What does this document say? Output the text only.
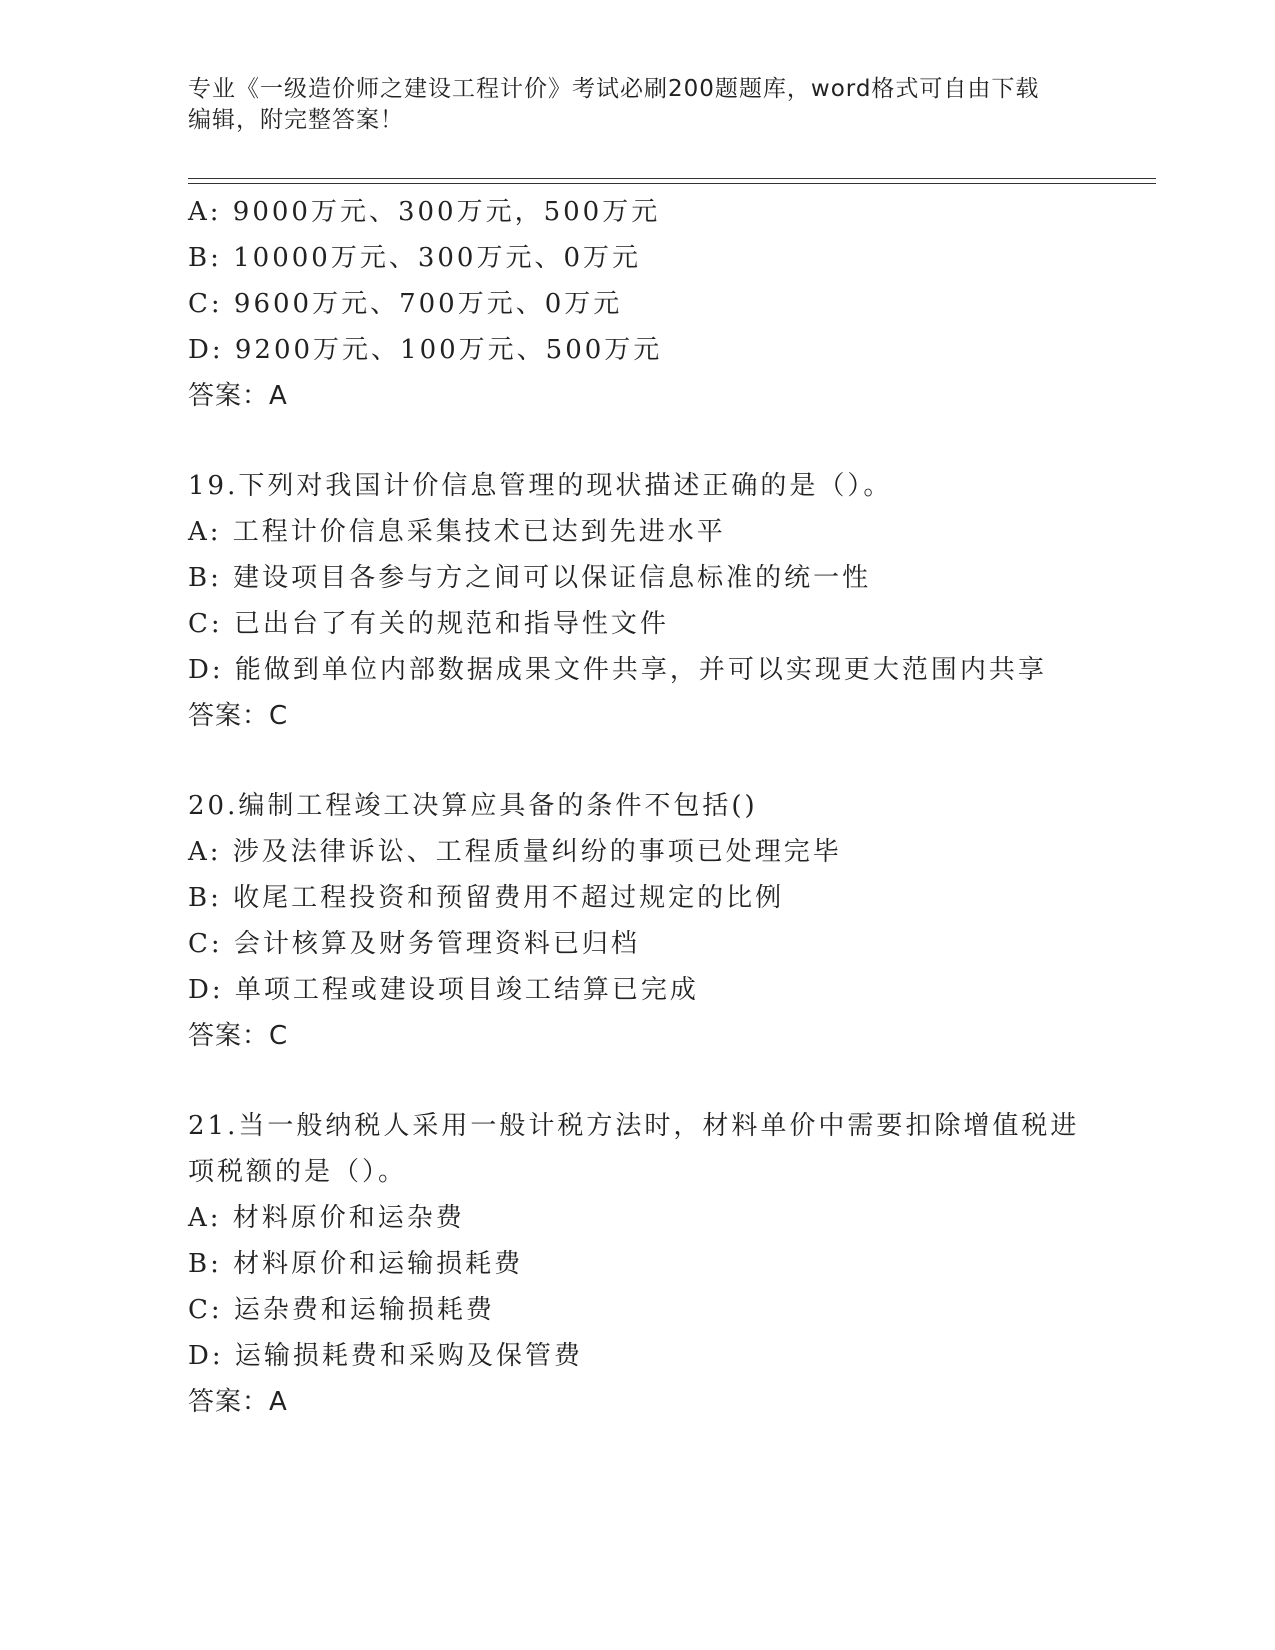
专业《一级造价师之建设工程计价》考试必刷200题题库，word格式可自由下载
编辑，附完整答案！
A: 9000万元、300万元，500万元
B: 10000万元、300万元、0万元
C: 9600万元、700万元、0万元
D: 9200万元、100万元、500万元
答案：A
19.下列对我国计价信息管理的现状描述正确的是（）。
A: 工程计价信息采集技术已达到先进水平
B: 建设项目各参与方之间可以保证信息标准的统一性
C: 已出台了有关的规范和指导性文件
D: 能做到单位内部数据成果文件共享，并可以实现更大范围内共享
答案：C
20.编制工程竣工决算应具备的条件不包括()
A: 涉及法律诉讼、工程质量纠纷的事项已处理完毕
B: 收尾工程投资和预留费用不超过规定的比例
C: 会计核算及财务管理资料已归档
D: 单项工程或建设项目竣工结算已完成
答案：C
21.当一般纳税人采用一般计税方法时，材料单价中需要扣除增值税进
项税额的是（）。
A: 材料原价和运杂费
B: 材料原价和运输损耗费
C: 运杂费和运输损耗费
D: 运输损耗费和采购及保管费
答案：A
